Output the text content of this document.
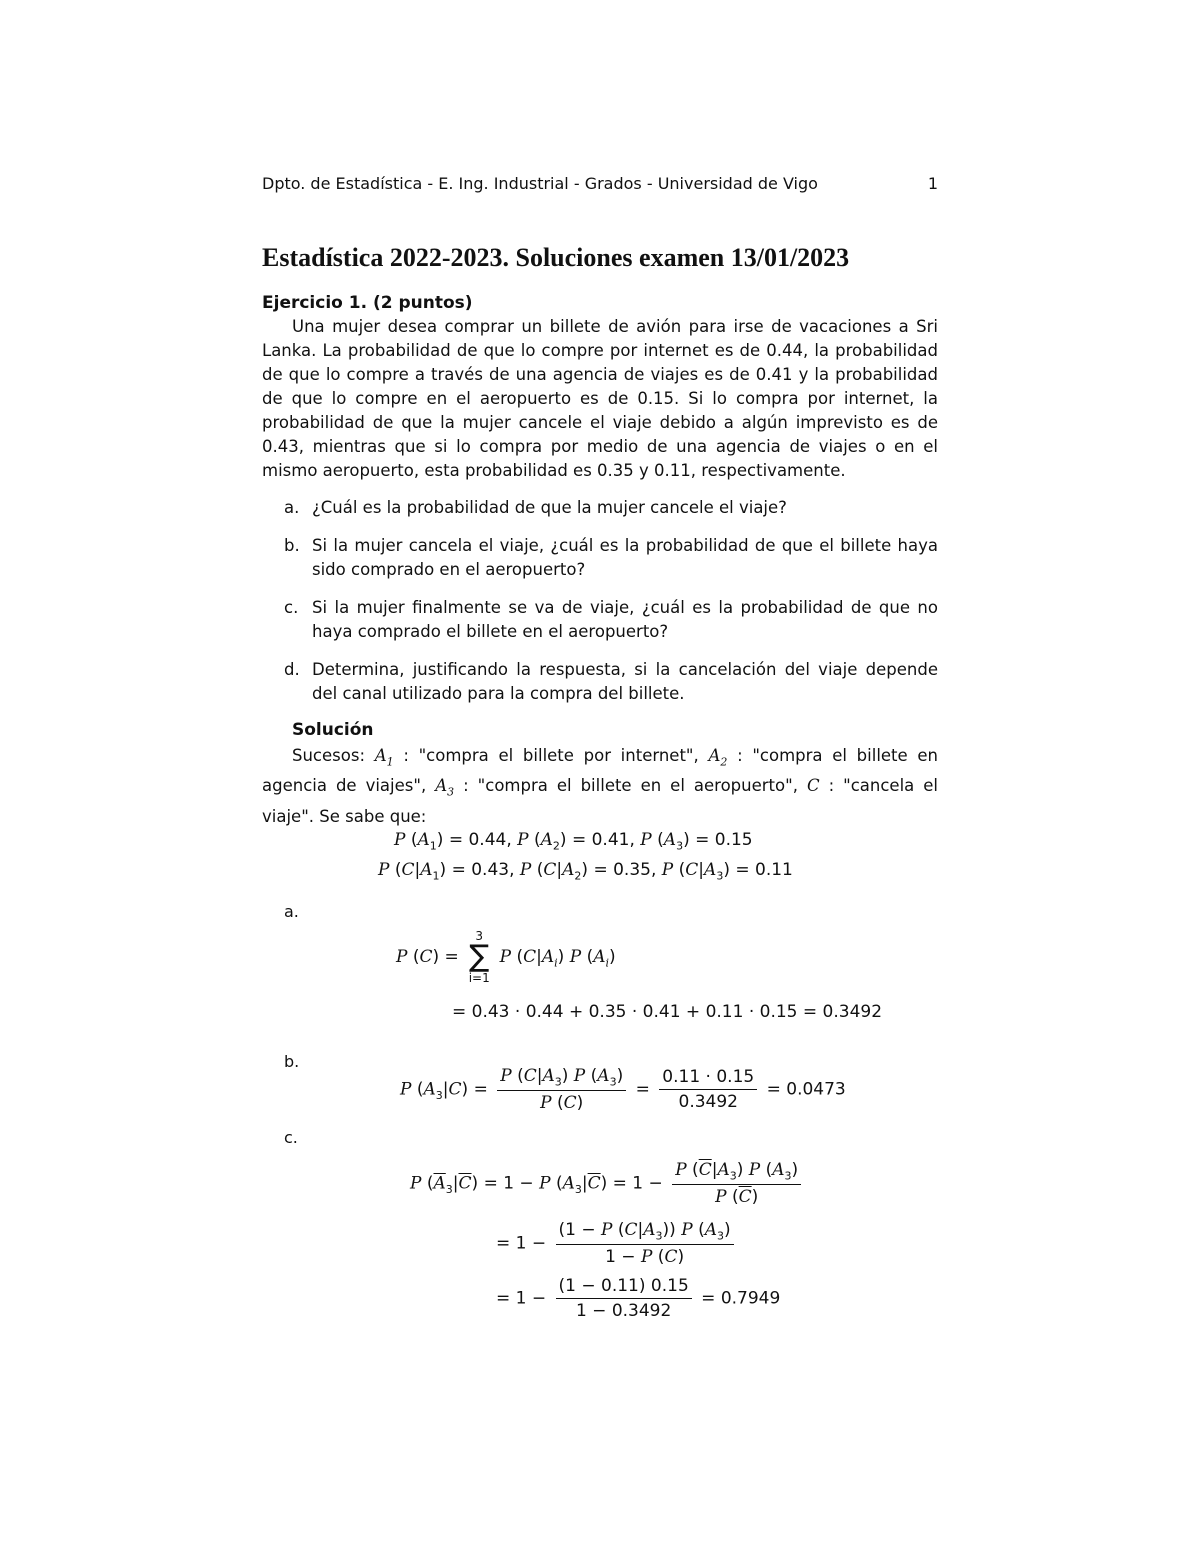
Dpto. de Estadística - E. Ing. Industrial - Grados - Universidad de Vigo	1
Estadística 2022-2023. Soluciones examen 13/01/2023
Ejercicio 1. (2 puntos)

Una mujer desea comprar un billete de avión para irse de vacaciones a Sri Lanka. La probabilidad de que lo compre por internet es de 0.44, la probabilidad de que lo compre a través de una agencia de viajes es de 0.41 y la probabilidad de que lo compre en el aeropuerto es de 0.15. Si lo compra por internet, la probabilidad de que la mujer cancele el viaje debido a algún imprevisto es de 0.43, mientras que si lo compra por medio de una agencia de viajes o en el mismo aeropuerto, esta probabilidad es 0.35 y 0.11, respectivamente.

a. ¿Cuál es la probabilidad de que la mujer cancele el viaje?
b. Si la mujer cancela el viaje, ¿cuál es la probabilidad de que el billete haya sido comprado en el aeropuerto?
c. Si la mujer finalmente se va de viaje, ¿cuál es la probabilidad de que no haya comprado el billete en el aeropuerto?
d. Determina, justificando la respuesta, si la cancelación del viaje depende del canal utilizado para la compra del billete.
Solución

Sucesos: $A_1$ : "compra el billete por internet", $A_2$ : "compra el billete en agencia de viajes", $A_3$ : "compra el billete en el aeropuerto", C : "cancela el viaje". Se sabe que:

P $(A_1) = 0.44$, P $(A_2) = 0.41$, P $(A_3) = 0.15$
P $(C|A_1) = 0.43$, P $(C|A_2) = 0.35$, P $(C|A_3) = 0.11$
a.
P (C) =
3
∑
i=1
P $(C|A_i)$ P $(A_i)$
= 0.43 · 0.44 + 0.35 · 0.41 + 0.11 · 0.15 = 0.3492
b.
P $(A_3|C) = \frac{P (C|A_3) P (A_3)}{P (C)} = \frac{0.11 \cdot 0.15}{0.3492} = 0.0473$
c.
P $(\overline{A}_3|\overline{C}) = 1 - P$ $(A_3|\overline{C}) = 1 - \frac{P (\overline{C}|A_3) P (A_3)}{P (\overline{C})}$
= $1 - \frac{(1 - P (C|A_3)) P (A_3)}{1 - P (C)}$
= $1 - \frac{(1 - 0.11) 0.15}{1 - 0.3492} = 0.7949$
